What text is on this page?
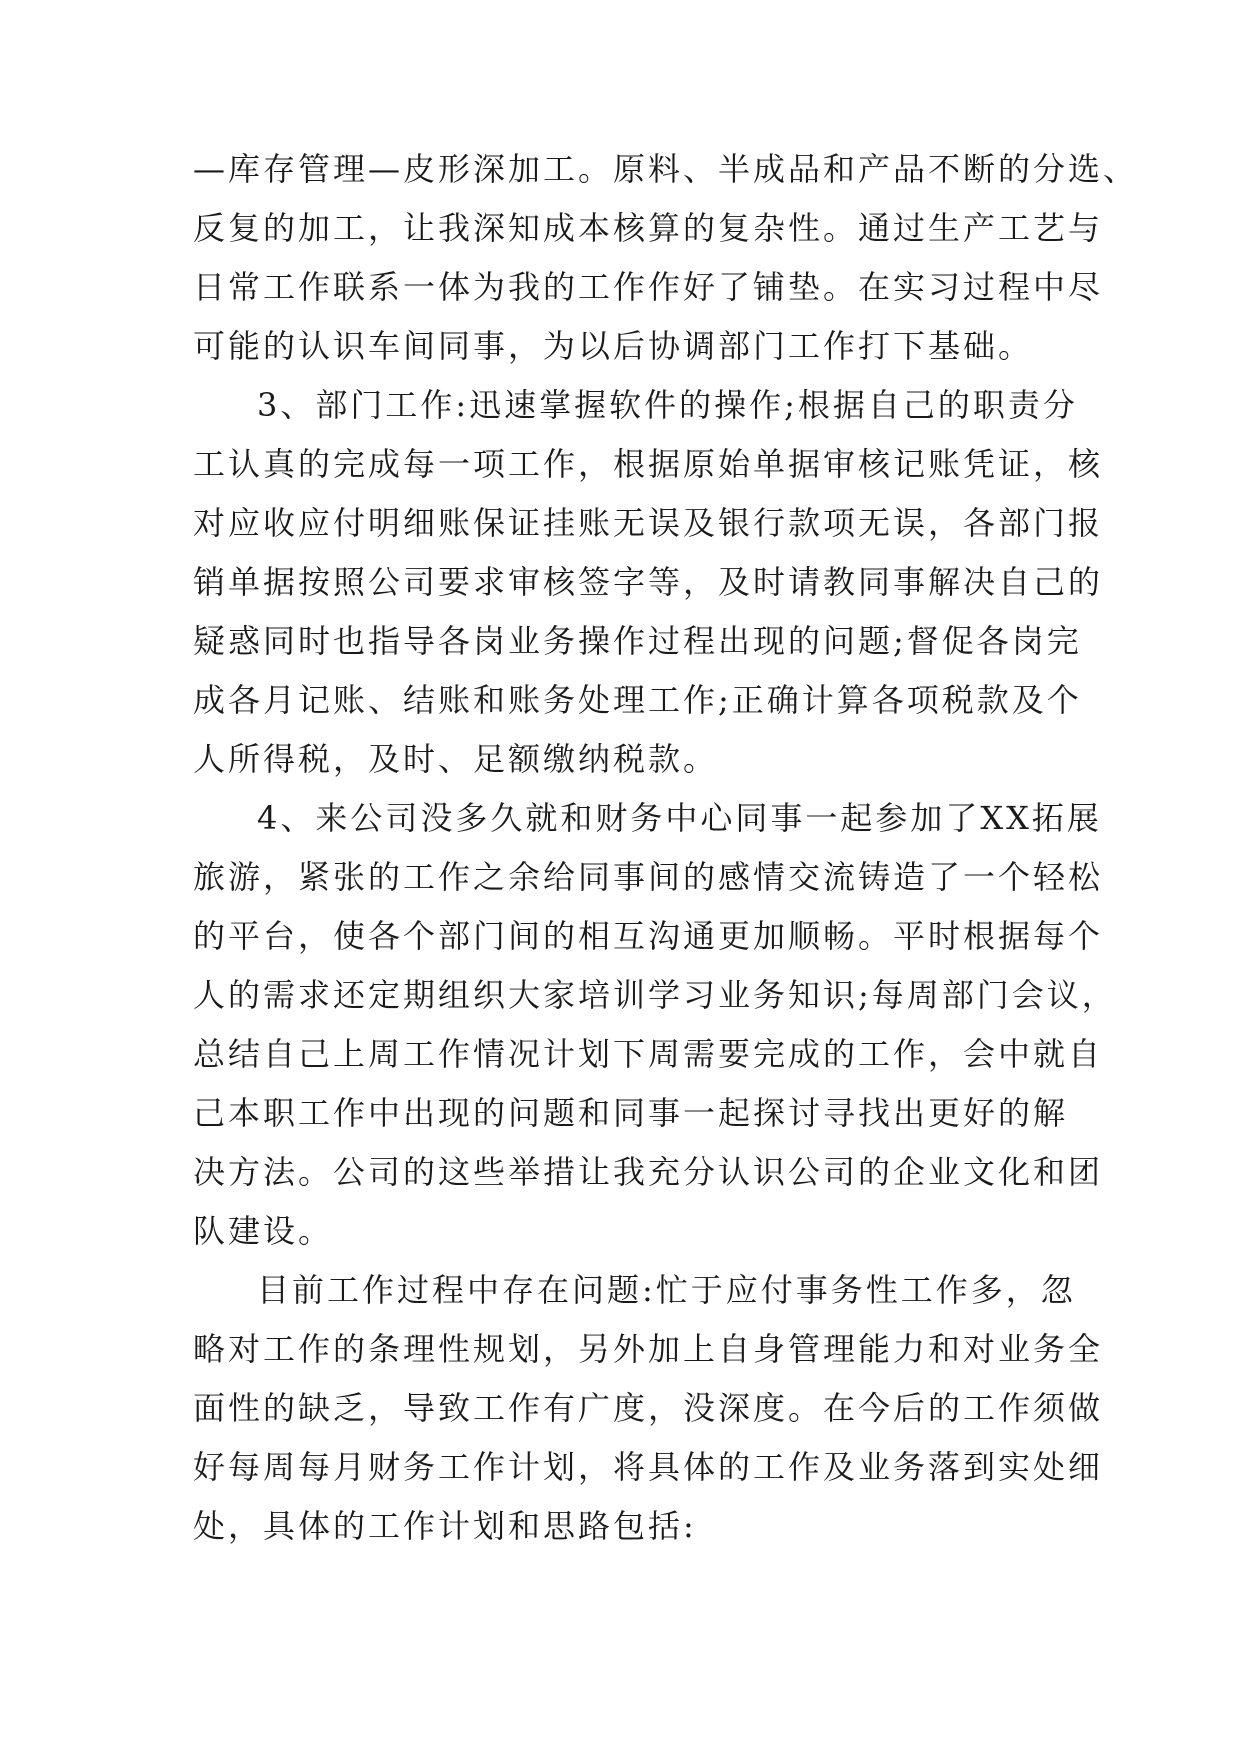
—库存管理—皮形深加工。原料、半成品和产品不断的分选、
反复的加工，让我深知成本核算的复杂性。通过生产工艺与
日常工作联系一体为我的工作作好了铺垫。在实习过程中尽
可能的认识车间同事，为以后协调部门工作打下基础。

3、部门工作:迅速掌握软件的操作;根据自己的职责分
工认真的完成每一项工作，根据原始单据审核记账凭证，核
对应收应付明细账保证挂账无误及银行款项无误，各部门报
销单据按照公司要求审核签字等，及时请教同事解决自己的
疑惑同时也指导各岗业务操作过程出现的问题;督促各岗完
成各月记账、结账和账务处理工作;正确计算各项税款及个
人所得税，及时、足额缴纳税款。

4、来公司没多久就和财务中心同事一起参加了XX拓展
旅游，紧张的工作之余给同事间的感情交流铸造了一个轻松
的平台，使各个部门间的相互沟通更加顺畅。平时根据每个
人的需求还定期组织大家培训学习业务知识;每周部门会议，
总结自己上周工作情况计划下周需要完成的工作，会中就自
己本职工作中出现的问题和同事一起探讨寻找出更好的解
决方法。公司的这些举措让我充分认识公司的企业文化和团
队建设。

目前工作过程中存在问题:忙于应付事务性工作多，忽
略对工作的条理性规划，另外加上自身管理能力和对业务全
面性的缺乏，导致工作有广度，没深度。在今后的工作须做
好每周每月财务工作计划，将具体的工作及业务落到实处细
处，具体的工作计划和思路包括:
